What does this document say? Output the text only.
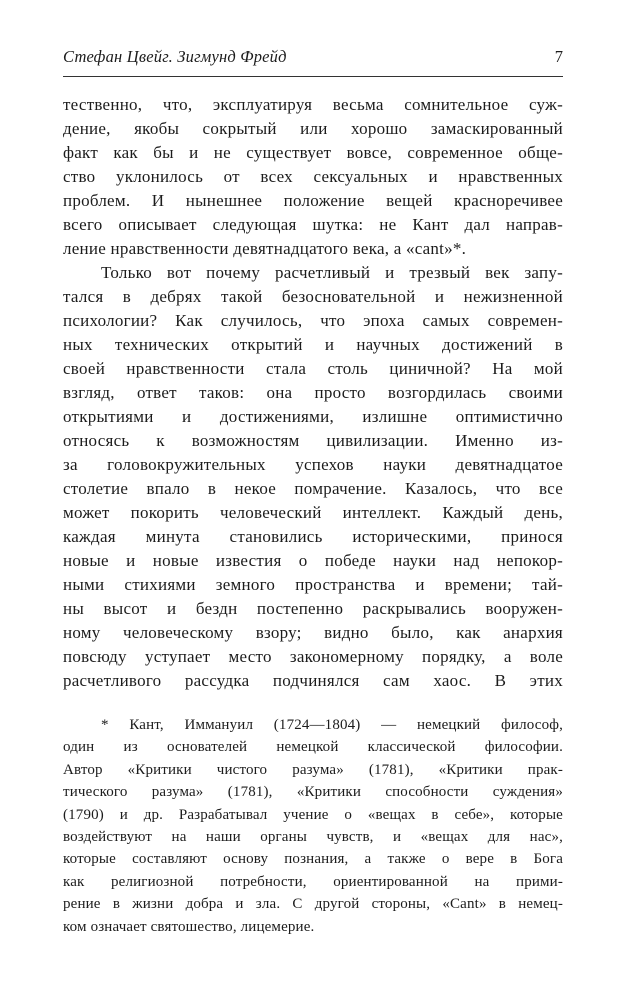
Стефан Цвейг. Зигмунд Фрейд	7
тественно, что, эксплуатируя весьма сомнительное суж-
дение, якобы сокрытый или хорошо замаскированный
факт как бы и не существует вовсе, современное обще-
ство уклонилось от всех сексуальных и нравственных
проблем. И нынешнее положение вещей красноречивее
всего описывает следующая шутка: не Кант дал направ-
ление нравственности девятнадцатого века, а «cant»*.
Только вот почему расчетливый и трезвый век запу-
тался в дебрях такой безосновательной и нежизненной
психологии? Как случилось, что эпоха самых современ-
ных технических открытий и научных достижений в
своей нравственности стала столь циничной? На мой
взгляд, ответ таков: она просто возгордилась своими
открытиями и достижениями, излишне оптимистично
относясь к возможностям цивилизации. Именно из-
за головокружительных успехов науки девятнадцатое
столетие впало в некое помрачение. Казалось, что все
может покорить человеческий интеллект. Каждый день,
каждая минута становились историческими, принося
новые и новые известия о победе науки над непокор-
ными стихиями земного пространства и времени; тай-
ны высот и бездн постепенно раскрывались вооружен-
ному человеческому взору; видно было, как анархия
повсюду уступает место закономерному порядку, а воле
расчетливого рассудка подчинялся сам хаос. В этих
* Кант, Иммануил (1724—1804) — немецкий философ,
один из основателей немецкой классической философии.
Автор «Критики чистого разума» (1781), «Критики прак-
тического разума» (1781), «Критики способности суждения»
(1790) и др. Разрабатывал учение о «вещах в себе», которые
воздействуют на наши органы чувств, и «вещах для нас»,
которые составляют основу познания, а также о вере в Бога
как религиозной потребности, ориентированной на прими-
рение в жизни добра и зла. С другой стороны, «Cant» в немец-
ком означает святошество, лицемерие.
